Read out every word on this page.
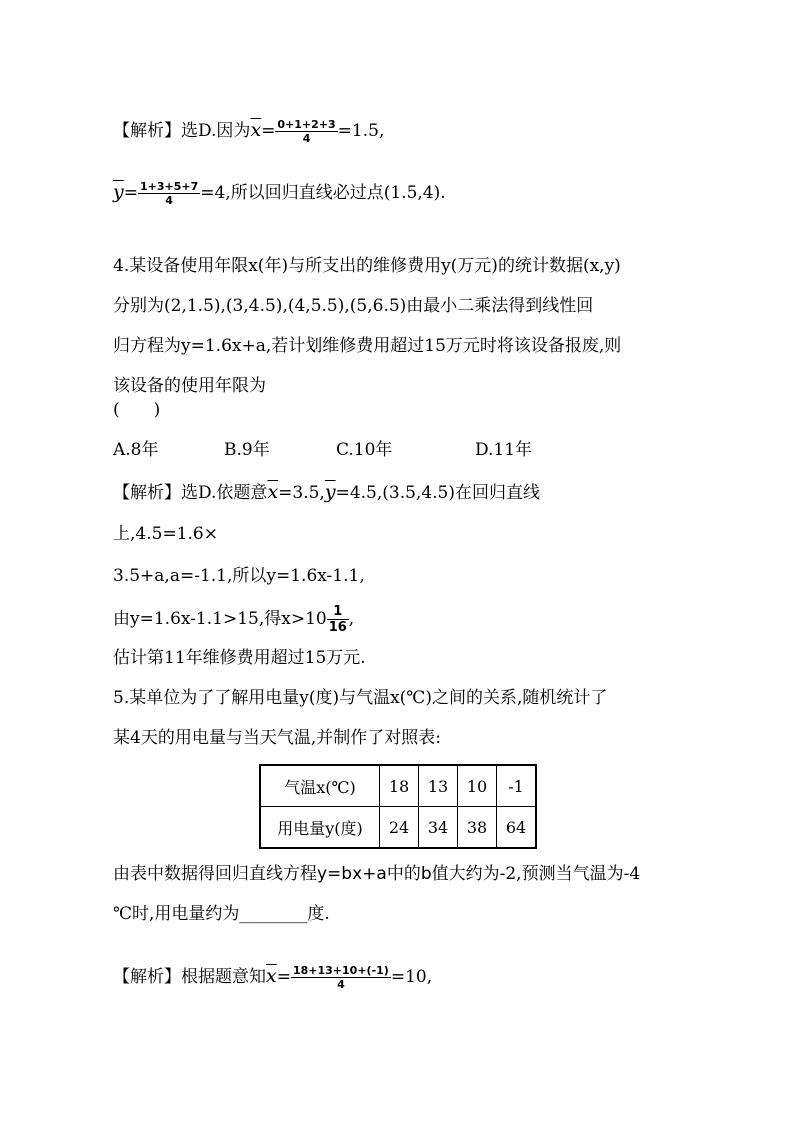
【解析】选D.因为$\overline{x}= \frac{0+1+2+3}{4} =1.5$,
$\overline{y}= \frac{1+3+5+7}{4} =4$,所以回归直线必过点(1.5,4).
4.某设备使用年限x(年)与所支出的维修费用y(万元)的统计数据(x,y)
分别为(2,1.5),(3,4.5),(4,5.5),(5,6.5)由最小二乘法得到线性回
归方程为y=1.6x+a,若计划维修费用超过15万元时将该设备报废,则
该设备的使用年限为
(　　)
A.8年	B.9年	C.10年	D.11年
【解析】选D.依题意$\overline{x}=3.5,\overline{y}=4.5,(3.5,4.5)$在回归直线
上,4.5=1.6×
3.5+a,a=-1.1,所以y=1.6x-1.1,
由y=1.6x-1.1>15,得$x>10 \frac{1}{16}$ ,
估计第11年维修费用超过15万元.
5.某单位为了了解用电量y(度)与气温x(℃)之间的关系,随机统计了
某4天的用电量与当天气温,并制作了对照表:
气温x(℃)	18	13	10	-1
用电量y(度)	24	34	38	64
由表中数据得回归直线方程y=bx+a中的b值大约为-2,预测当气温为-4
℃时,用电量约为________度.
【解析】根据题意知$\overline{x}= \frac{18+13+10+(-1)}{4} =10$,
